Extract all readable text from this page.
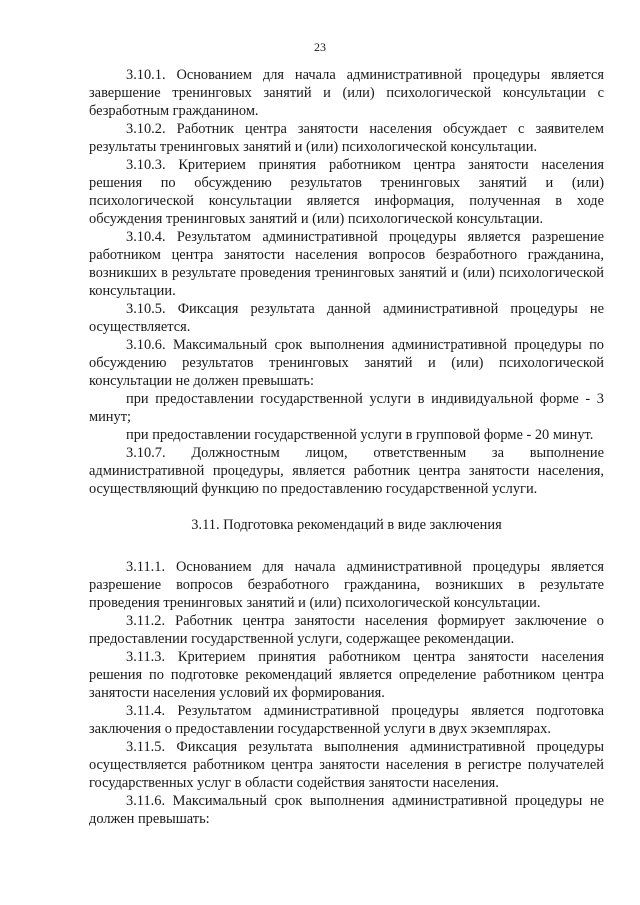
23

3.10.1. Основанием для начала административной процедуры является завершение тренинговых занятий и (или) психологической консультации с безработным гражданином.

3.10.2. Работник центра занятости населения обсуждает с заявителем результаты тренинговых занятий и (или) психологической консультации.

3.10.3. Критерием принятия работником центра занятости населения решения по обсуждению результатов тренинговых занятий и (или) психологической консультации является информация, полученная в ходе обсуждения тренинговых занятий и (или) психологической консультации.

3.10.4. Результатом административной процедуры является разрешение работником центра занятости населения вопросов безработного гражданина, возникших в результате проведения тренинговых занятий и (или) психологической консультации.

3.10.5. Фиксация результата данной административной процедуры не осуществляется.

3.10.6. Максимальный срок выполнения административной процедуры по обсуждению результатов тренинговых занятий и (или) психологической консультации не должен превышать:

при предоставлении государственной услуги в индивидуальной форме - 3 минут;

при предоставлении государственной услуги в групповой форме - 20 минут.

3.10.7. Должностным лицом, ответственным за выполнение административной процедуры, является работник центра занятости населения, осуществляющий функцию по предоставлению государственной услуги.

3.11. Подготовка рекомендаций в виде заключения

3.11.1. Основанием для начала административной процедуры является разрешение вопросов безработного гражданина, возникших в результате проведения тренинговых занятий и (или) психологической консультации.

3.11.2. Работник центра занятости населения формирует заключение о предоставлении государственной услуги, содержащее рекомендации.

3.11.3. Критерием принятия работником центра занятости населения решения по подготовке рекомендаций является определение работником центра занятости населения условий их формирования.

3.11.4. Результатом административной процедуры является подготовка заключения о предоставлении государственной услуги в двух экземплярах.

3.11.5. Фиксация результата выполнения административной процедуры осуществляется работником центра занятости населения в регистре получателей государственных услуг в области содействия занятости населения.

3.11.6. Максимальный срок выполнения административной процедуры не должен превышать:
